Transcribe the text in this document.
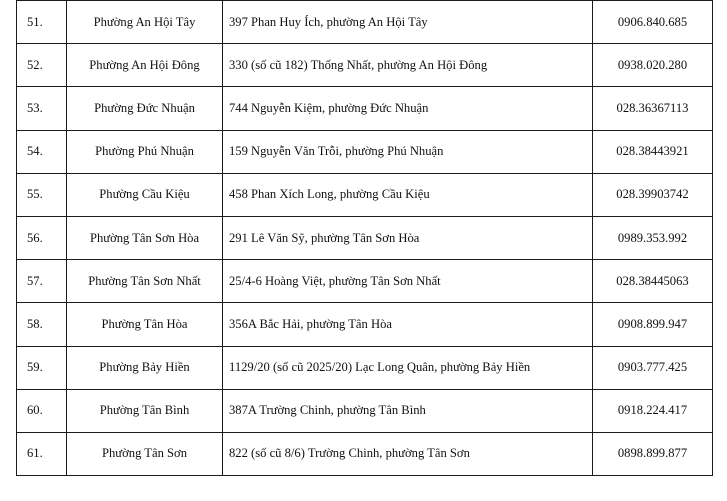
51.	Phường An Hội Tây	397 Phan Huy Ích, phường An Hội Tây	0906.840.685
52.	Phường An Hội Đông	330 (số cũ 182) Thống Nhất, phường An Hội Đông	0938.020.280
53.	Phường Đức Nhuận	744 Nguyễn Kiệm, phường Đức Nhuận	028.36367113
54.	Phường Phú Nhuận	159 Nguyễn Văn Trỗi, phường Phú Nhuận	028.38443921
55.	Phường Cầu Kiệu	458 Phan Xích Long, phường Cầu Kiệu	028.39903742
56.	Phường Tân Sơn Hòa	291 Lê Văn Sỹ, phường Tân Sơn Hòa	0989.353.992
57.	Phường Tân Sơn Nhất	25/4-6 Hoàng Việt, phường Tân Sơn Nhất	028.38445063
58.	Phường Tân Hòa	356A Bắc Hải, phường Tân Hòa	0908.899.947
59.	Phường Bảy Hiền	1129/20 (số cũ 2025/20) Lạc Long Quân, phường Bảy Hiền	0903.777.425
60.	Phường Tân Bình	387A Trường Chinh, phường Tân Bình	0918.224.417
61.	Phường Tân Sơn	822 (số cũ 8/6) Trường Chinh, phường Tân Sơn	0898.899.877
